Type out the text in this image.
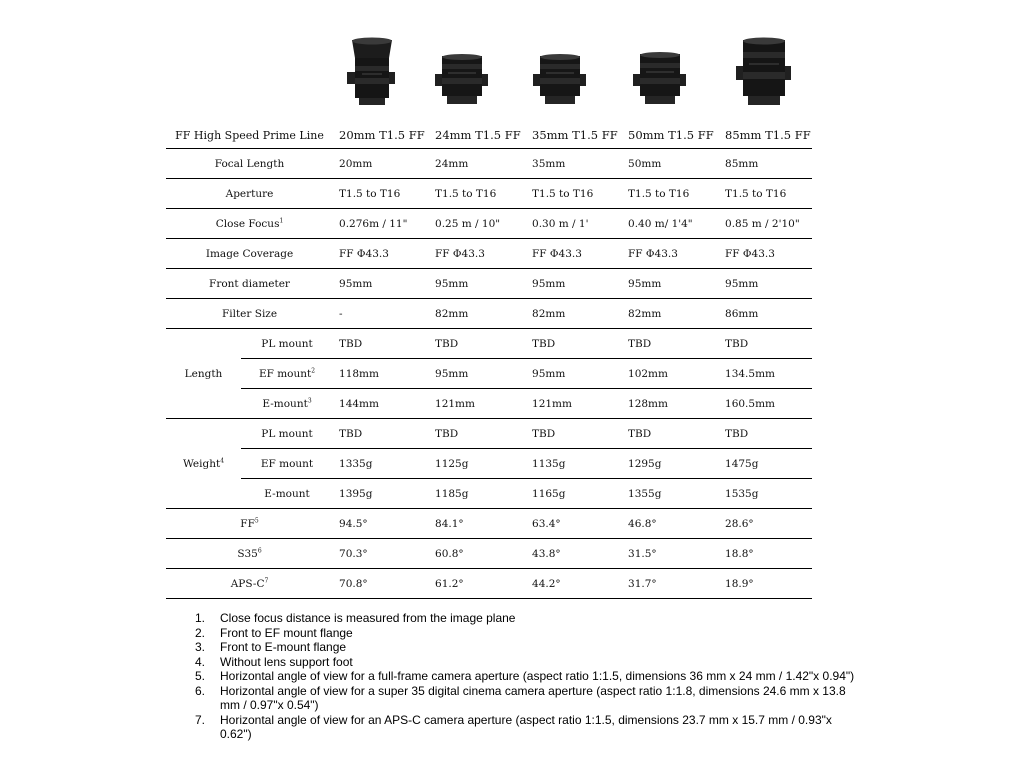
FF High Speed Prime Line		20mm T1.5 FF	24mm T1.5 FF	35mm T1.5 FF	50mm T1.5 FF	85mm T1.5 FF
Focal Length		20mm	24mm	35mm	50mm	85mm
Aperture		T1.5 to T16	T1.5 to T16	T1.5 to T16	T1.5 to T16	T1.5 to T16
Close Focus$^1$		0.276m / 11"	0.25 m / 10"	0.30 m / 1'	0.40 m/ 1'4"	0.85 m / 2'10"
Image Coverage		FF Φ43.3	FF Φ43.3	FF Φ43.3	FF Φ43.3	FF Φ43.3
Front diameter		95mm	95mm	95mm	95mm	95mm
Filter Size		-	82mm	82mm	82mm	86mm
Length	PL mount	TBD	TBD	TBD	TBD	TBD
	EF mount$^2$	118mm	95mm	95mm	102mm	134.5mm
	E-mount$^3$	144mm	121mm	121mm	128mm	160.5mm
Weight$^4$	PL mount	TBD	TBD	TBD	TBD	TBD
	EF mount	1335g	1125g	1135g	1295g	1475g
	E-mount	1395g	1185g	1165g	1355g	1535g
$FF^5$		94.5°	84.1°	63.4°	46.8°	28.6°
$S35^6$		70.3°	60.8°	43.8°	31.5°	18.8°
APS-$C^7$		70.8°	61.2°	44.2°	31.7°	18.9°
1. Close focus distance is measured from the image plane
2. Front to EF mount flange
3. Front to E-mount flange
4. Without lens support foot
5. Horizontal angle of view for a full-frame camera aperture (aspect ratio 1:1.5, dimensions 36 mm x 24 mm / 1.42"x 0.94")
6. Horizontal angle of view for a super 35 digital cinema camera aperture (aspect ratio 1:1.8, dimensions 24.6 mm x 13.8 mm / 0.97"x 0.54")
7. Horizontal angle of view for an APS-C camera aperture (aspect ratio 1:1.5, dimensions 23.7 mm x 15.7 mm / 0.93"x 0.62")
